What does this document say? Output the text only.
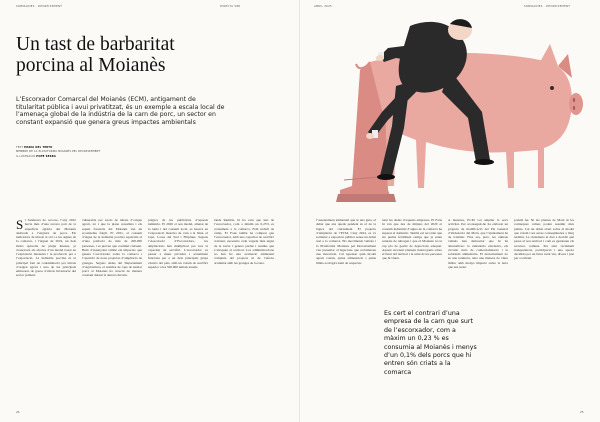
SOBIRANIES · DECREIXEMENT	DIRECTA 588
Un tast de barbaritat porcina al Moianès

L’Escorxador Comarcal del Moianès (ECM), antigament de titularitat pública i avui privatitzat, és un exemple a escala local de l’amenaça global de la indústria de la carn de porc, un sector en constant expansió que genera greus impactes ambientals

TEXT MARIA DEL TERTO
MEMBRE DE LA PLATAFORMA MOIANÈS PEL DECREIXEMENT
IL·LUSTRACIÓ POPE SERRA
S i Sandrerra ho recorre, l’any 2022 havia més d’una tercera part de la superfície agrària del Moianès dedicada a l’engreix de porcs. Els indicadors de nitrats al sòl i a les aigües de la comarca, i l’aiguat de 2019, un dels molts episodis de plutja intensa, ja avançaven els efectes d’un model basat en l’explotació intensiva i la producció per a l’exportació. La indústria porcina és la principal font de contaminació per nitrats d’origen agrari i una de les principals emissores de gasos d’efecte hivernacle del sector primari.

vulnerable per excés de nitrats d’origen agrari, tot i que la plana cerealista i els espais forestals del Moianès són un ecosistema fràgil. El 2021, el consum d’aigua de la indústria porcina equivalia al d’una població de més de 200.000 persones, i es preveu que continuï creixent. Hem d’assenyalar també els impactes que genera l’escorxador sobre la comarca i l’aparició de nous projectes d’ampliació de granges. Segons dades del Departament d’Agricultura, el nombre de caps de bestiar porcí al Moianès ha crescut de manera constant durant la darrera dècada.

prègica de les publicitats d’aquests indústria. El 2020 el seu model, alienat de la taula i del consum local, es basava en l’exportació massiva de carn a la Xina, el Japó, Corea del Sud i Filipines. Segons l’Associació d’Escorxadors, les ampliacions han multiplicat per tres la capacitat de sacrifici. L’escorxador va passar a mans privades i actualment funciona per a un dels principals grups càrnics del país, amb un volum de sacrifici superior a les 500.000 unitats anuals.

lands Rambla, hi ha carn que surt de l’escorxador, com a mínim un 0,23% es consumeix a la comarca. Fem treball de camp. El Fons també ha comprat que l’escorxador, amb una capacitat de sacrifici creixent, necessita cada vegada més aigua de la xarxa i genera purins i residus que s’aboquen al territori. Les administracions no han fet una avaluació ambiental completa del projecte ni de l’efecte acumulat amb les granges de la zona.

24
ABRIL 2025	SOBIRANIES · DECREIXEMENT

l’assentament ambiental que té una guia, el debat que ens queda pendent és el de la lògica del creixement. El projecte d’ampliació de l’ECM, l’any 2024, es va sotmetre a exposició pública sense un debat real a la comarca. Els moviments veïnals i la Plataforma Moianès pel Decreixement van presentar al·legacions que reclamaven una moratòria. Cal repensar quin model agrari volem, quina alimentació i quins límits ecològics hem de respectar.

nent les dades d’aquests empreses. El Fons hi van que des de mitjans del 2020 el consum industrial d’aigua de la comarca ha superat el domèstic. També cal recordar que els purins fertilitzen camps que ja estan saturats de nitrogen i que el Moianès no té cap pla de gestió de dejeccions adequat. Aquest escenari planteja interrogants sobre el futur del territori i la salut de les persones que hi viuen.

A mesures, ECM vol ampliar la seva activitat. Per aconseguir-ho ha elaborat un projecte de modificació del Pla General d’Ordenació del Moià, que l’ajuntament ha de tramitar. Fins ara, però, les entitats veïnals han demostrat que hi ha alternatives: la ramaderia extensiva, els circuits curts de comercialització i la sobirania alimentària. El decreixement no és una renúncia, sinó una manera de viure millor amb menys impacte sobre la terra que ens sosté.

podem fer. Ni les plantes de Moià ni les comarques veïnes poden assumir més purins. Cal un debat obert sobre el model que volem i les seves conseqüències a llarg termini. La ciutadania té dret a decidir què passa al seu territori i com es gestionen els recursos comuns. Per això reclamem transparència, participació i una aposta decidida per un futur rural viu, divers i just per a tothom.

25

Es cert el contrari d’una empresa de la carn que surt de l’escorxador, com a màxim un 0,23 % es consumia al Moianès i menys d’un 0,1% dels porcs que hi entren són criats a la comarca
